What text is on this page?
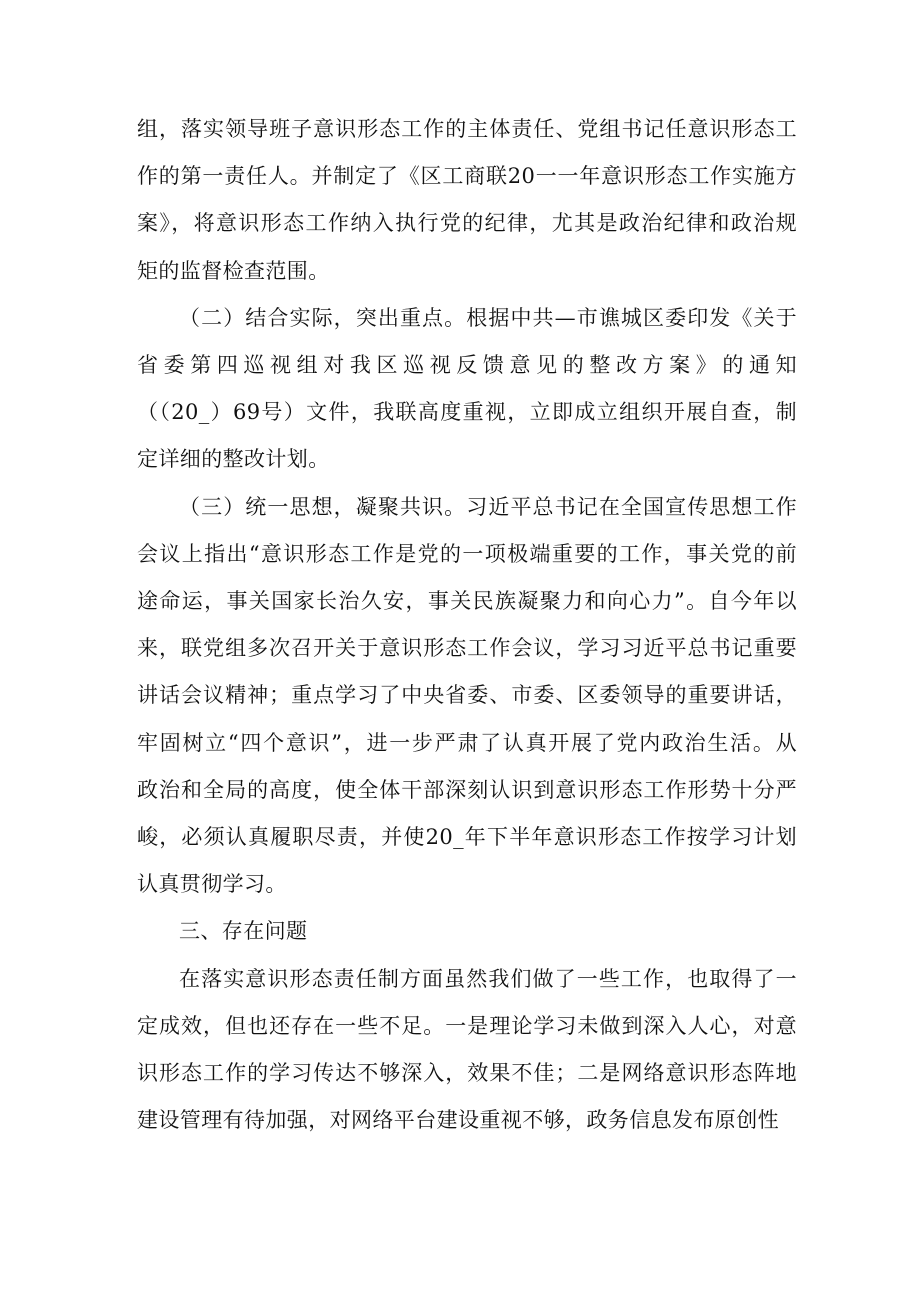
组，落实领导班子意识形态工作的主体责任、党组书记任意识形态工
作的第一责任人。并制定了《区工商联20一一年意识形态工作实施方
案》，将意识形态工作纳入执行党的纪律，尤其是政治纪律和政治规
矩的监督检查范围。
（二）结合实际，突出重点。根据中共—市谯城区委印发《关于
省委第四巡视组对我区巡视反馈意见的整改方案》的通知
（（20_）69号）文件，我联高度重视，立即成立组织开展自查，制
定详细的整改计划。
（三）统一思想，凝聚共识。习近平总书记在全国宣传思想工作
会议上指出“意识形态工作是党的一项极端重要的工作，事关党的前
途命运，事关国家长治久安，事关民族凝聚力和向心力”。自今年以
来，联党组多次召开关于意识形态工作会议，学习习近平总书记重要
讲话会议精神；重点学习了中央省委、市委、区委领导的重要讲话，
牢固树立“四个意识”，进一步严肃了认真开展了党内政治生活。从
政治和全局的高度，使全体干部深刻认识到意识形态工作形势十分严
峻，必须认真履职尽责，并使20_年下半年意识形态工作按学习计划
认真贯彻学习。
三、存在问题
在落实意识形态责任制方面虽然我们做了一些工作，也取得了一
定成效，但也还存在一些不足。一是理论学习未做到深入人心，对意
识形态工作的学习传达不够深入，效果不佳；二是网络意识形态阵地
建设管理有待加强，对网络平台建设重视不够，政务信息发布原创性
